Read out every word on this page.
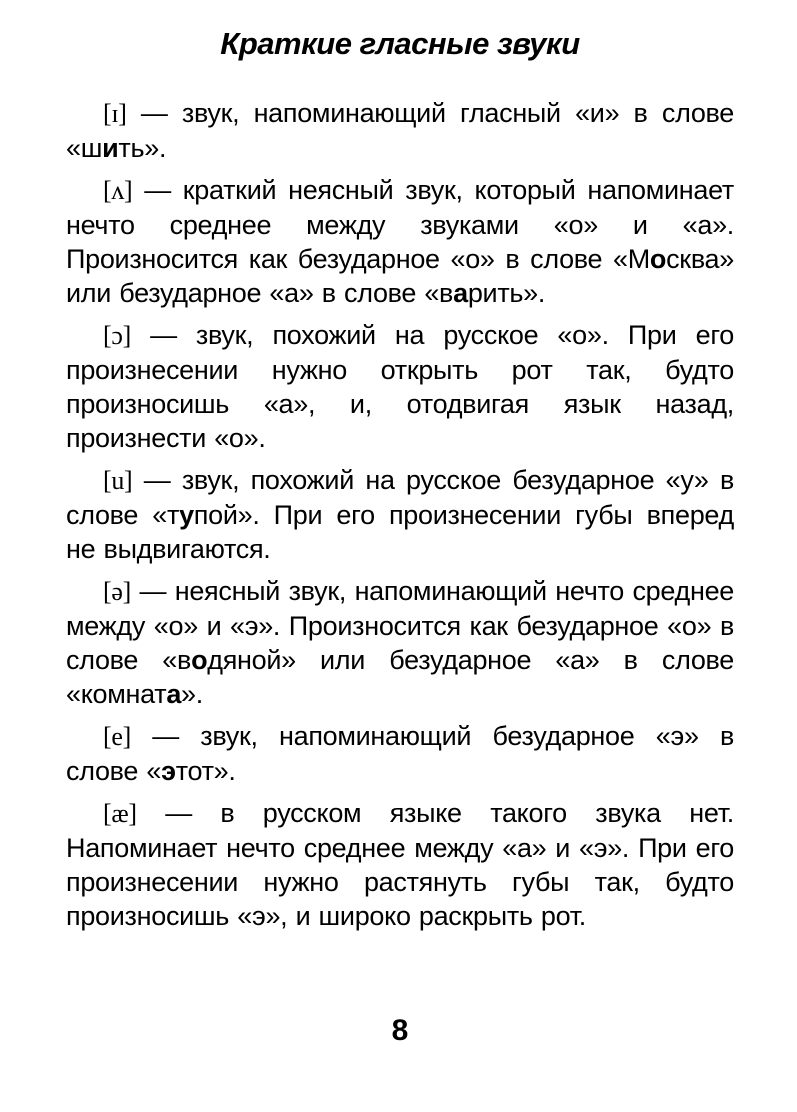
Краткие гласные звуки

[ɪ] — звук, напоминающий гласный «и» в слове «шить».

[ʌ] — краткий неясный звук, который напоминает нечто среднее между звуками «о» и «а». Произносится как безударное «о» в слове «Москва» или безударное «а» в слове «варить».

[ɔ] — звук, похожий на русское «о». При его произнесении нужно открыть рот так, будто произносишь «а», и, отодвигая язык назад, произнести «о».

[u] — звук, похожий на русское безударное «у» в слове «тупой». При его произнесении губы вперед не выдвигаются.

[ə] — неясный звук, напоминающий нечто среднее между «о» и «э». Произносится как безударное «о» в слове «водяной» или безударное «а» в слове «комната».

[e] — звук, напоминающий безударное «э» в слове «этот».

[æ] — в русском языке такого звука нет. Напоминает нечто среднее между «а» и «э». При его произнесении нужно растянуть губы так, будто произносишь «э», и широко раскрыть рот.

8
